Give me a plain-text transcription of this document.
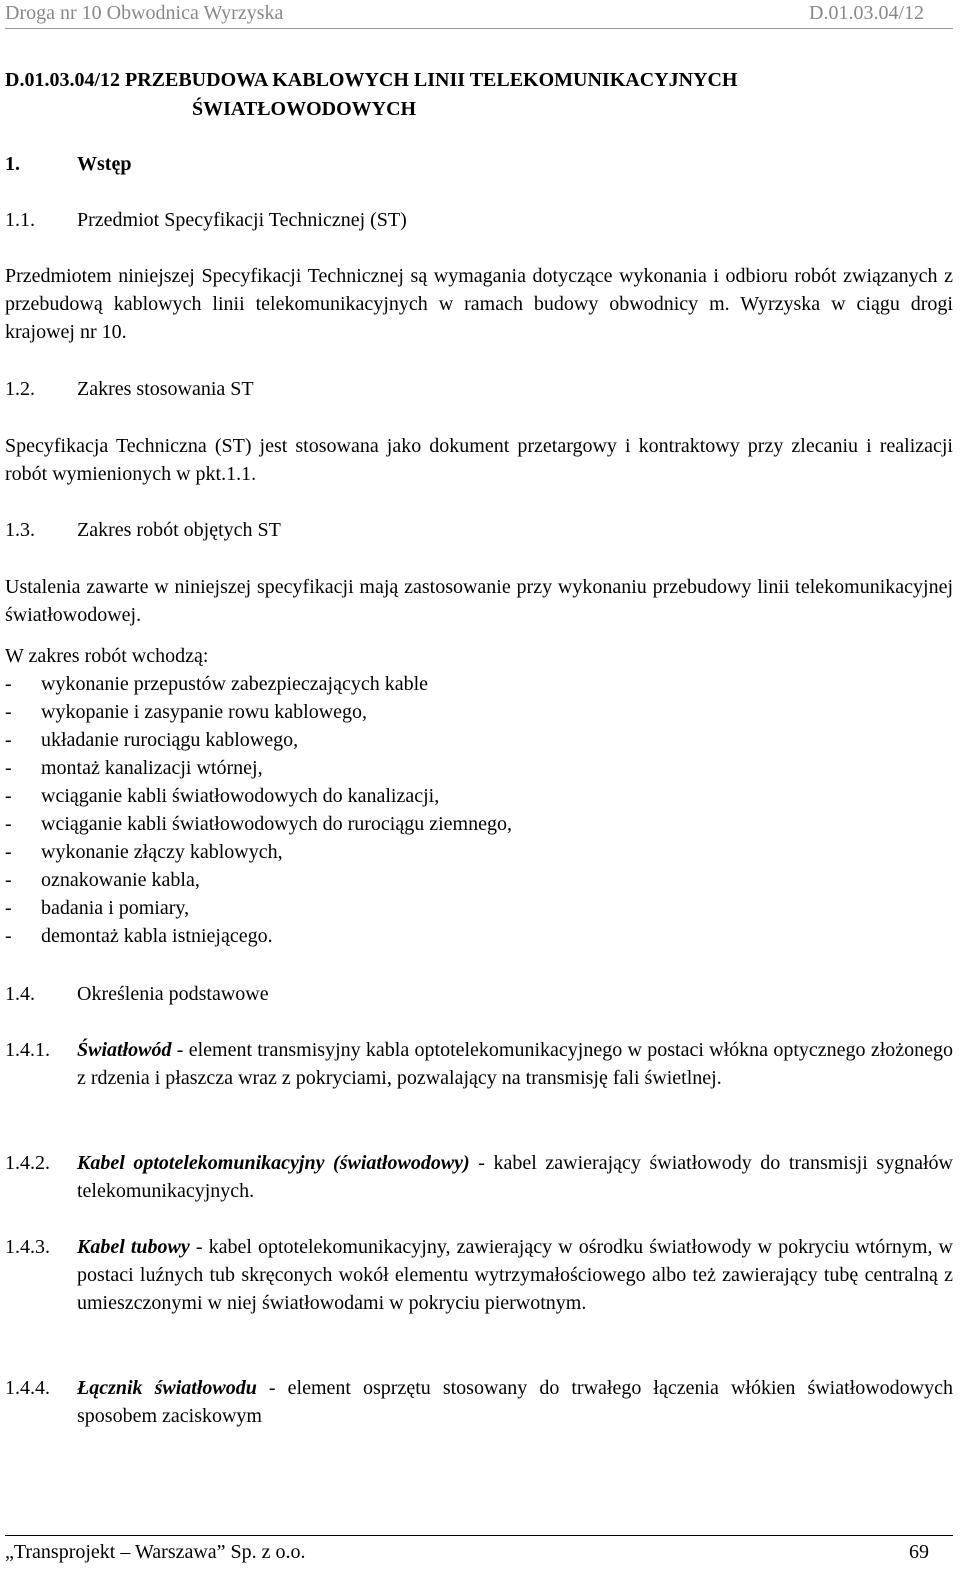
Droga nr 10 Obwodnica Wyrzyska	D.01.03.04/12
D.01.03.04/12 PRZEBUDOWA KABLOWYCH LINII TELEKOMUNIKACYJNYCH
ŚWIATŁOWODOWYCH
1.	Wstęp
1.1. Przedmiot Specyfikacji Technicznej (ST)
Przedmiotem niniejszej Specyfikacji Technicznej są wymagania dotyczące wykonania i odbioru robót związanych z przebudową kablowych linii telekomunikacyjnych w ramach budowy obwodnicy m. Wyrzyska w ciągu drogi krajowej nr 10.
1.2. Zakres stosowania ST
Specyfikacja Techniczna (ST) jest stosowana jako dokument przetargowy i kontraktowy przy zlecaniu i realizacji robót wymienionych w pkt.1.1.
1.3. Zakres robót objętych ST
Ustalenia zawarte w niniejszej specyfikacji mają zastosowanie przy wykonaniu przebudowy linii telekomunikacyjnej światłowodowej.
W zakres robót wchodzą:
- wykonanie przepustów zabezpieczających kable
- wykopanie i zasypanie rowu kablowego,
- układanie rurociągu kablowego,
- montaż kanalizacji wtórnej,
- wciąganie kabli światłowodowych do kanalizacji,
- wciąganie kabli światłowodowych do rurociągu ziemnego,
- wykonanie złączy kablowych,
- oznakowanie kabla,
- badania i pomiary,
- demontaż kabla istniejącego.
1.4. Określenia podstawowe
1.4.1. Światłowód - element transmisyjny kabla optotelekomunikacyjnego w postaci włókna optycznego złożonego z rdzenia i płaszcza wraz z pokryciami, pozwalający na transmisję fali świetlnej.
1.4.2. Kabel optotelekomunikacyjny (światłowodowy) - kabel zawierający światłowody do transmisji sygnałów telekomunikacyjnych.
1.4.3. Kabel tubowy - kabel optotelekomunikacyjny, zawierający w ośrodku światłowody w pokryciu wtórnym, w postaci luźnych tub skręconych wokół elementu wytrzymałościowego albo też zawierający tubę centralną z umieszczonymi w niej światłowodami w pokryciu pierwotnym.
1.4.4. Łącznik światłowodu - element osprzętu stosowany do trwałego łączenia włókien światłowodowych sposobem zaciskowym
„Transprojekt – Warszawa” Sp. z o.o.	69
